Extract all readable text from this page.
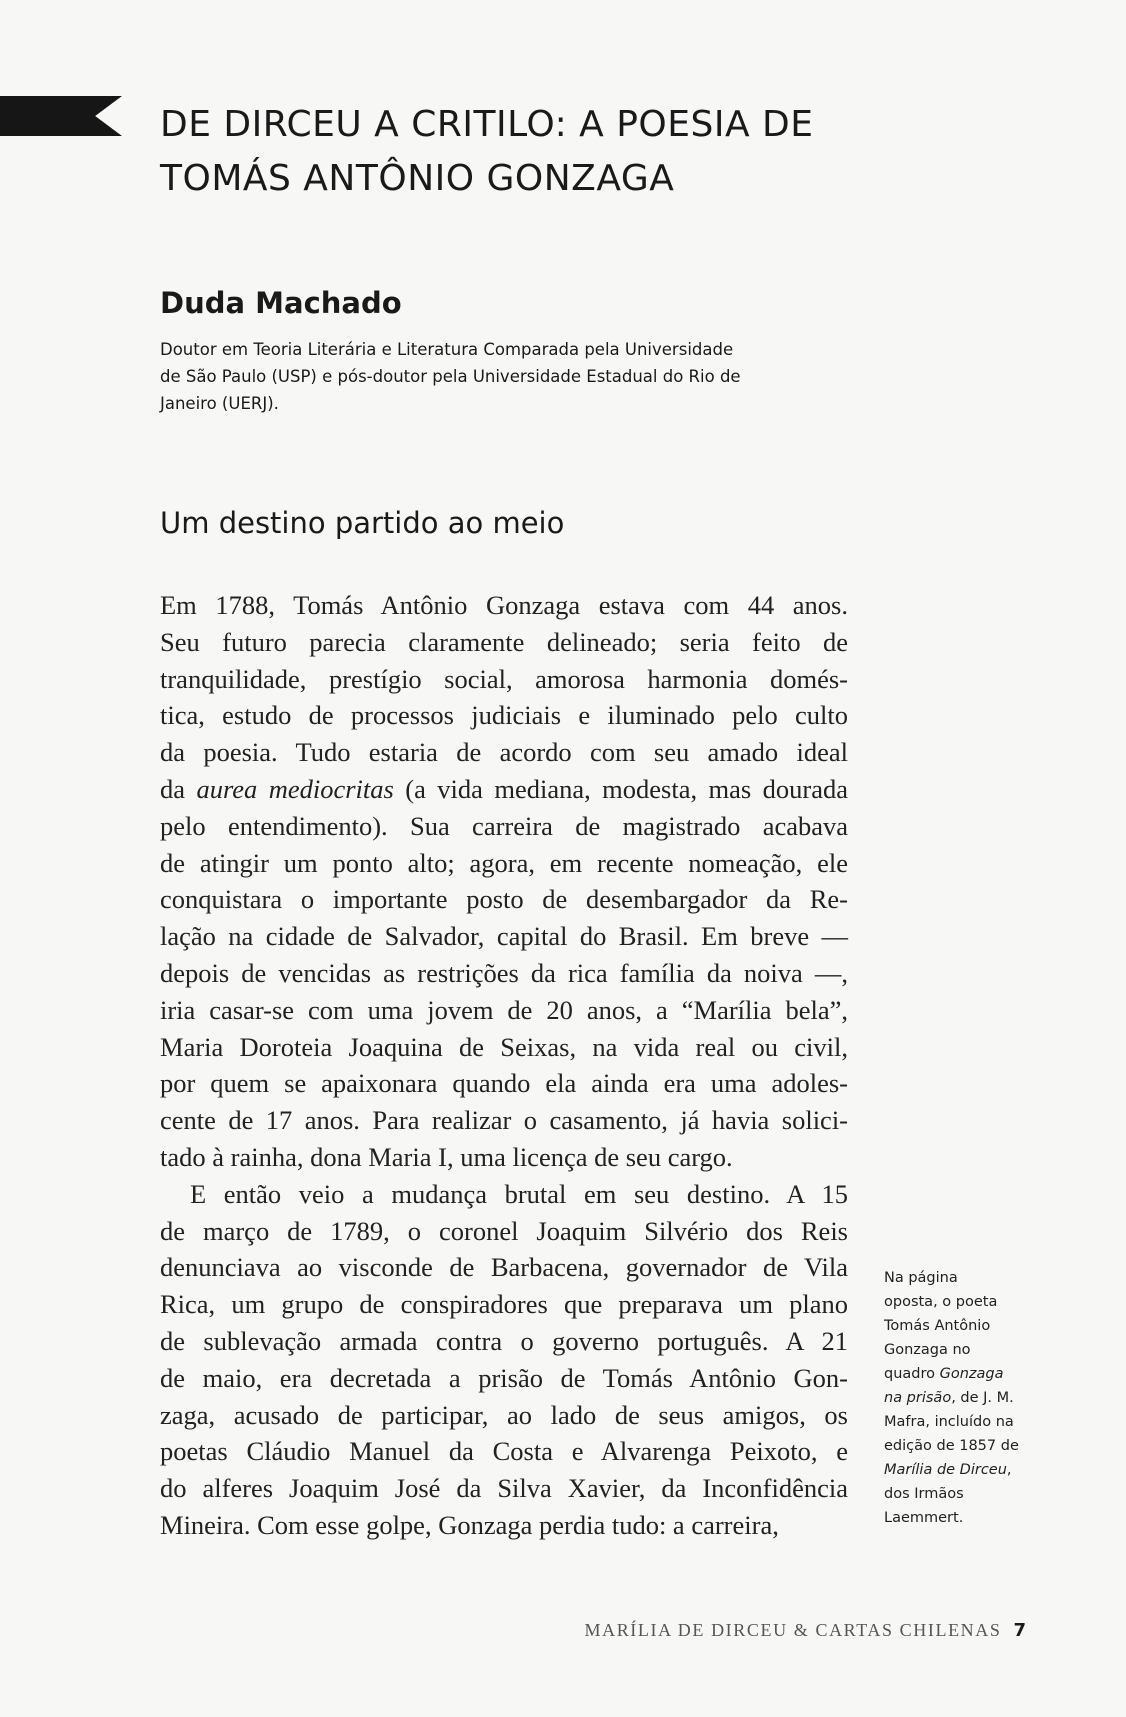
DE DIRCEU A CRITILO: A POESIA DE
TOMÁS ANTÔNIO GONZAGA
Duda Machado
Doutor em Teoria Literária e Literatura Comparada pela Universidade
de São Paulo (USP) e pós-doutor pela Universidade Estadual do Rio de
Janeiro (UERJ).
Um destino partido ao meio
Em 1788, Tomás Antônio Gonzaga estava com 44 anos.
Seu futuro parecia claramente delineado; seria feito de
tranquilidade, prestígio social, amorosa harmonia domés-
tica, estudo de processos judiciais e iluminado pelo culto
da poesia. Tudo estaria de acordo com seu amado ideal
da aurea mediocritas (a vida mediana, modesta, mas dourada
pelo entendimento). Sua carreira de magistrado acabava
de atingir um ponto alto; agora, em recente nomeação, ele
conquistara o importante posto de desembargador da Re-
lação na cidade de Salvador, capital do Brasil. Em breve —
depois de vencidas as restrições da rica família da noiva —,
iria casar-se com uma jovem de 20 anos, a “Marília bela”,
Maria Doroteia Joaquina de Seixas, na vida real ou civil,
por quem se apaixonara quando ela ainda era uma adoles-
cente de 17 anos. Para realizar o casamento, já havia solici-
tado à rainha, dona Maria I, uma licença de seu cargo.
E então veio a mudança brutal em seu destino. A 15
de março de 1789, o coronel Joaquim Silvério dos Reis
denunciava ao visconde de Barbacena, governador de Vila
Rica, um grupo de conspiradores que preparava um plano
de sublevação armada contra o governo português. A 21
de maio, era decretada a prisão de Tomás Antônio Gon-
zaga, acusado de participar, ao lado de seus amigos, os
poetas Cláudio Manuel da Costa e Alvarenga Peixoto, e
do alferes Joaquim José da Silva Xavier, da Inconfidência
Mineira. Com esse golpe, Gonzaga perdia tudo: a carreira,
Na página
oposta, o poeta
Tomás Antônio
Gonzaga no
quadro Gonzaga
na prisão, de J. M.
Mafra, incluído na
edição de 1857 de
Marília de Dirceu,
dos Irmãos
Laemmert.
MARÍLIA DE DIRCEU & CARTAS CHILENAS 7
